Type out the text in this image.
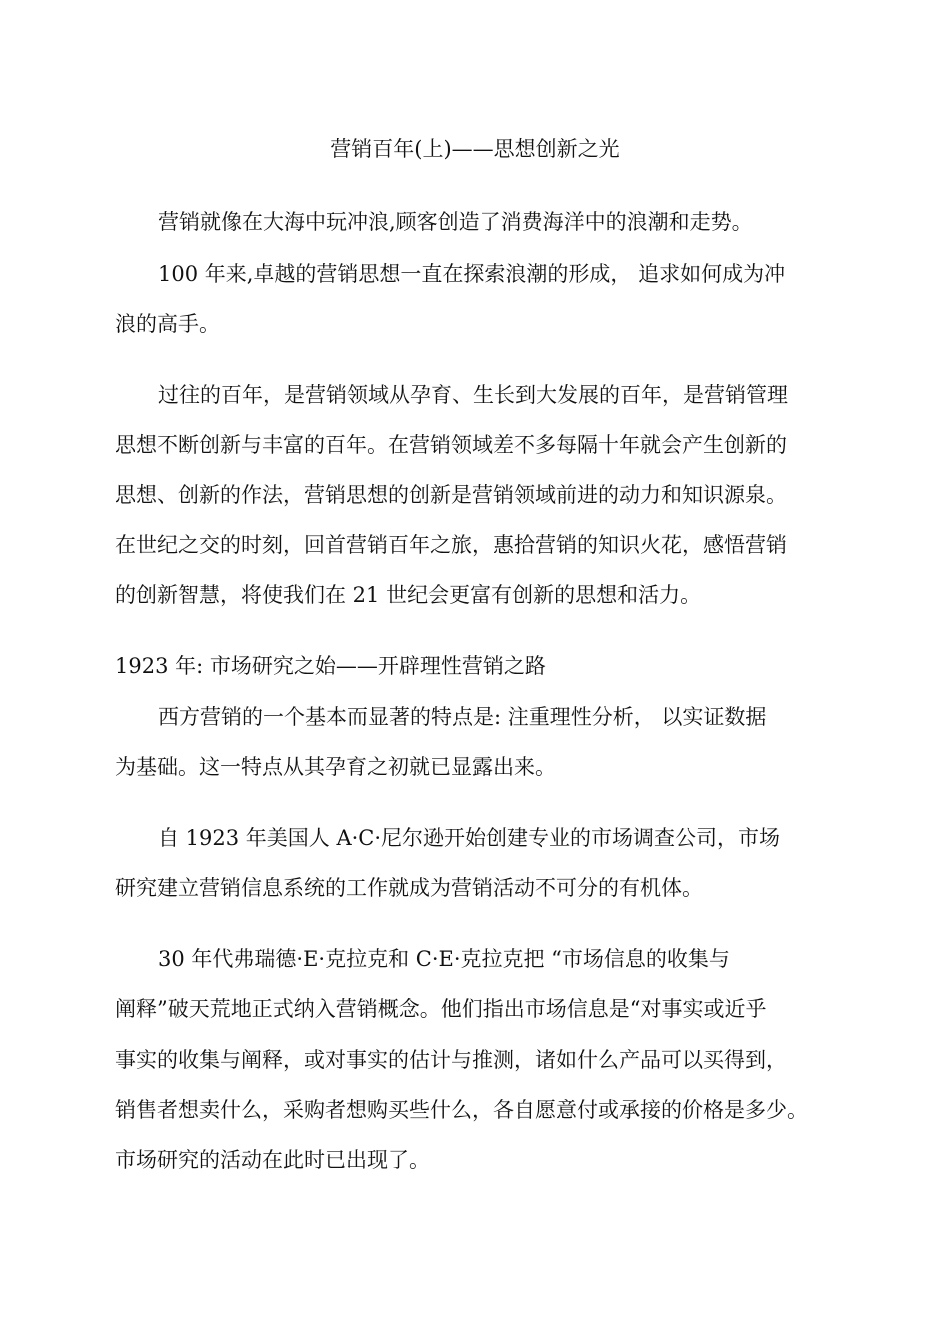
营销百年(上)——思想创新之光
营销就像在大海中玩冲浪,顾客创造了消费海洋中的浪潮和走势。
100 年来,卓越的营销思想一直在探索浪潮的形成， 追求如何成为冲
浪的高手。
过往的百年，是营销领域从孕育、生长到大发展的百年，是营销管理
思想不断创新与丰富的百年。在营销领域差不多每隔十年就会产生创新的
思想、创新的作法，营销思想的创新是营销领域前进的动力和知识源泉。
在世纪之交的时刻，回首营销百年之旅，惠拾营销的知识火花，感悟营销
的创新智慧，将使我们在 21 世纪会更富有创新的思想和活力。
1923 年: 市场研究之始——开辟理性营销之路
西方营销的一个基本而显著的特点是: 注重理性分析， 以实证数据
为基础。这一特点从其孕育之初就已显露出来。
自 1923 年美国人 A·C·尼尔逊开始创建专业的市场调查公司，市场
研究建立营销信息系统的工作就成为营销活动不可分的有机体。
30 年代弗瑞德·E·克拉克和 C·E·克拉克把 “市场信息的收集与
阐释”破天荒地正式纳入营销概念。他们指出市场信息是“对事实或近乎
事实的收集与阐释，或对事实的估计与推测，诸如什么产品可以买得到，
销售者想卖什么，采购者想购买些什么，各自愿意付或承接的价格是多少。
市场研究的活动在此时已出现了。
